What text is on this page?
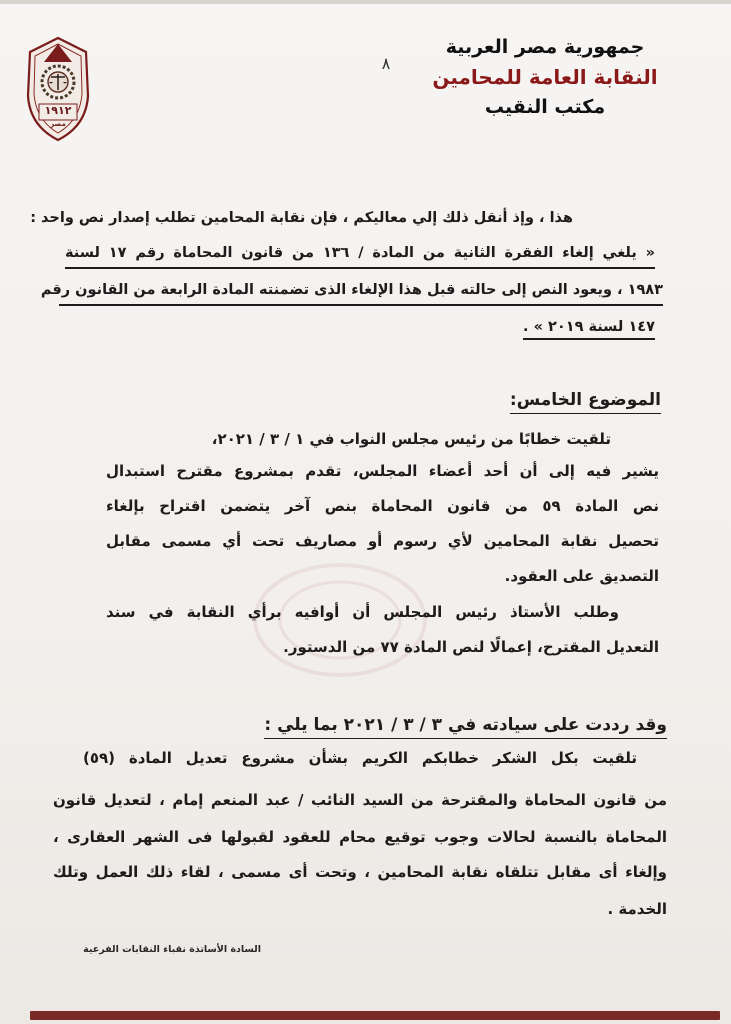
١٩١٢
مصر
جمهورية مصر العربية
النقابة العامة للمحامين
مكتب النقيب
٨
هذا ، وإذ أنقل ذلك إلي معاليكم ، فإن نقابة المحامين تطلب إصدار نص واحد :
« يلغي إلغاء الفقرة الثانية من المادة / ١٣٦ من قانون المحاماة رقم ١٧ لسنة
١٩٨٣ ، ويعود النص إلى حالته قبل هذا الإلغاء الذى تضمنته المادة الرابعة من القانون رقم
١٤٧ لسنة ٢٠١٩ » .
الموضوع الخامس:
تلقيت خطابًا من رئيس مجلس النواب في ١ / ٣ / ٢٠٢١،
يشير فيه إلى أن أحد أعضاء المجلس، تقدم بمشروع مقترح استبدال
نص المادة ٥٩ من قانون المحاماة بنص آخر يتضمن اقتراح بإلغاء
تحصيل نقابة المحامين لأي رسوم أو مصاريف تحت أي مسمى مقابل
التصديق على العقود.
وطلب الأستاذ رئيس المجلس أن أوافيه برأي النقابة في سند
التعديل المقترح، إعمالًا لنص المادة ٧٧ من الدستور.
وقد رددت على سيادته في ٣ / ٣ / ٢٠٢١ بما يلي :
تلقيت بكل الشكر خطابكم الكريم بشأن مشروع تعديل المادة (٥٩)
من قانون المحاماة والمقترحة من السيد النائب / عبد المنعم إمام ، لتعديل قانون
المحاماة بالنسبة لحالات وجوب توقيع محام للعقود لقبولها فى الشهر العقارى ،
وإلغاء أى مقابل تتلقاه نقابة المحامين ، وتحت أى مسمى ، لقاء ذلك العمل وتلك
الخدمة .
السادة الأساتذة نقباء النقابات الفرعية
